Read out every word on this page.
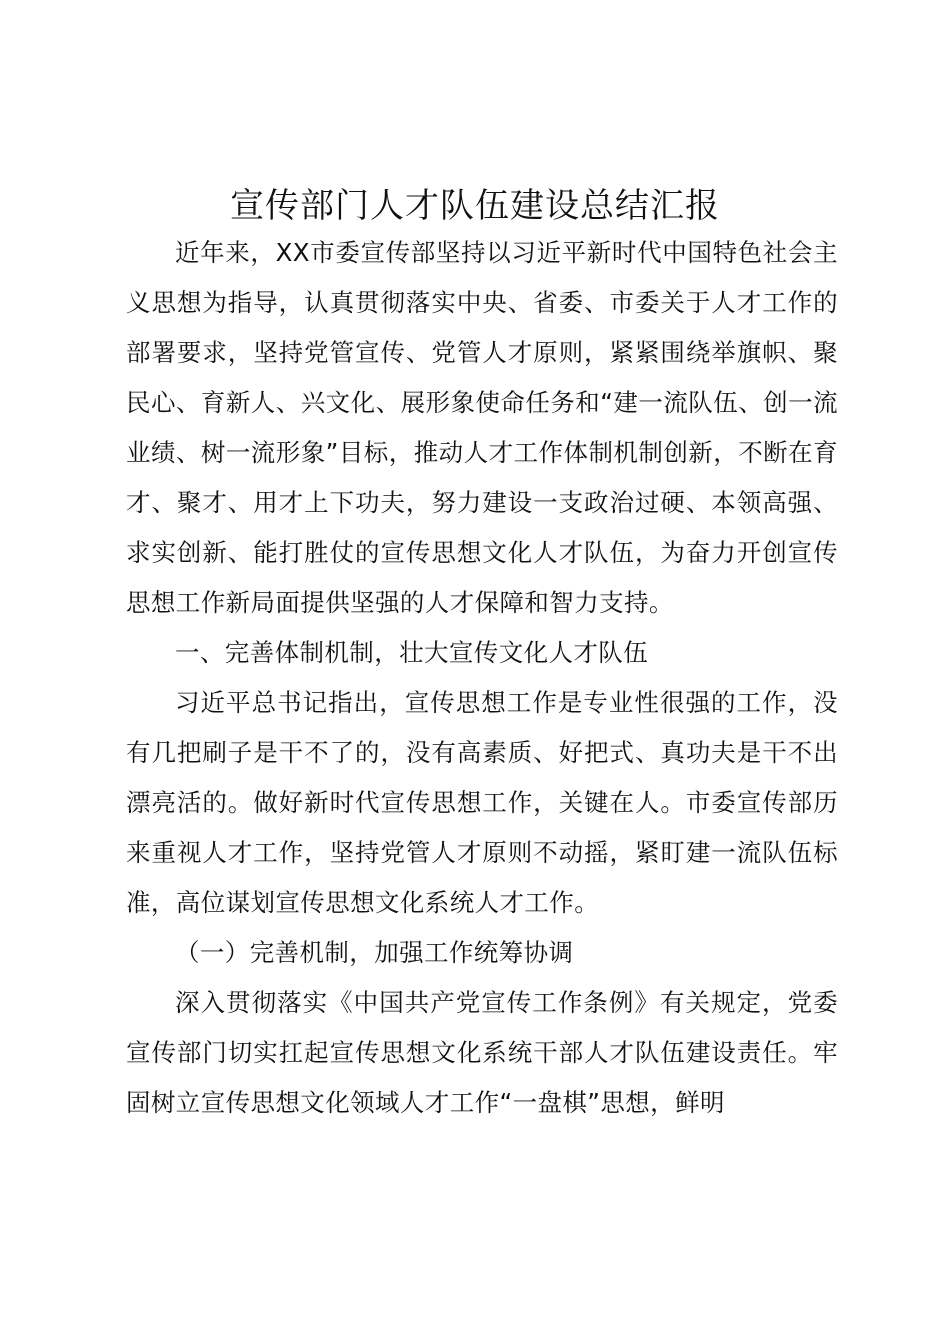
宣传部门人才队伍建设总结汇报

近年来，XX市委宣传部坚持以习近平新时代中国特色社会主义思想为指导，认真贯彻落实中央、省委、市委关于人才工作的部署要求，坚持党管宣传、党管人才原则，紧紧围绕举旗帜、聚民心、育新人、兴文化、展形象使命任务和“建一流队伍、创一流业绩、树一流形象”目标，推动人才工作体制机制创新，不断在育才、聚才、用才上下功夫，努力建设一支政治过硬、本领高强、求实创新、能打胜仗的宣传思想文化人才队伍，为奋力开创宣传思想工作新局面提供坚强的人才保障和智力支持。

一、完善体制机制，壮大宣传文化人才队伍

习近平总书记指出，宣传思想工作是专业性很强的工作，没有几把刷子是干不了的，没有高素质、好把式、真功夫是干不出漂亮活的。做好新时代宣传思想工作，关键在人。市委宣传部历来重视人才工作，坚持党管人才原则不动摇，紧盯建一流队伍标准，高位谋划宣传思想文化系统人才工作。

（一）完善机制，加强工作统筹协调

深入贯彻落实《中国共产党宣传工作条例》有关规定，党委宣传部门切实扛起宣传思想文化系统干部人才队伍建设责任。牢固树立宣传思想文化领域人才工作“一盘棋”思想，鲜明
